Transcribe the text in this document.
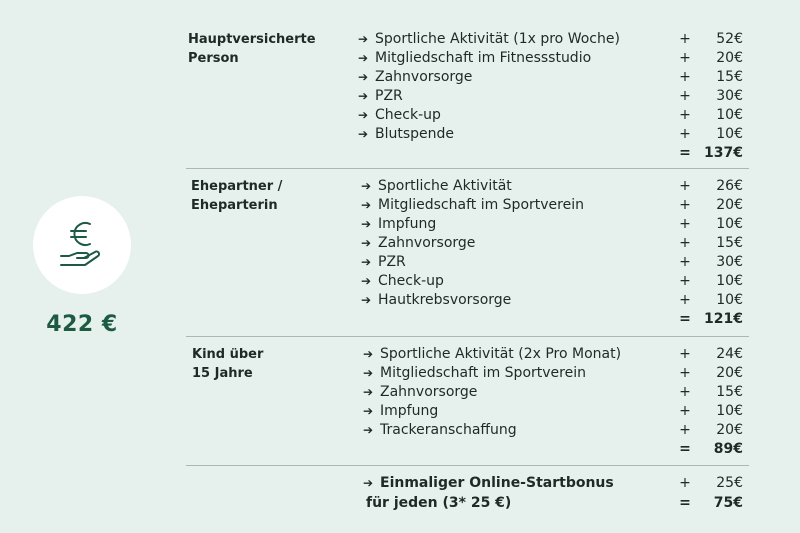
422 €
Hauptversicherte
Person
➔ Sportliche Aktivität (1x pro Woche)	+ 52€
➔ Mitgliedschaft im Fitnessstudio	+ 20€
➔ Zahnvorsorge	+ 15€
➔ PZR	+ 30€
➔ Check-up	+ 10€
➔ Blutspende	+ 10€
= 137€
Ehepartner /
Eheparterin
➔ Sportliche Aktivität	+ 26€
➔ Mitgliedschaft im Sportverein	+ 20€
➔ Impfung	+ 10€
➔ Zahnvorsorge	+ 15€
➔ PZR	+ 30€
➔ Check-up	+ 10€
➔ Hautkrebsvorsorge	+ 10€
= 121€
Kind über
15 Jahre
➔ Sportliche Aktivität (2x Pro Monat)	+ 24€
➔ Mitgliedschaft im Sportverein	+ 20€
➔ Zahnvorsorge	+ 15€
➔ Impfung	+ 10€
➔ Trackeranschaffung	+ 20€
= 89€
➔ Einmaliger Online-Startbonus	+ 25€
für jeden (3* 25 €)	= 75€
